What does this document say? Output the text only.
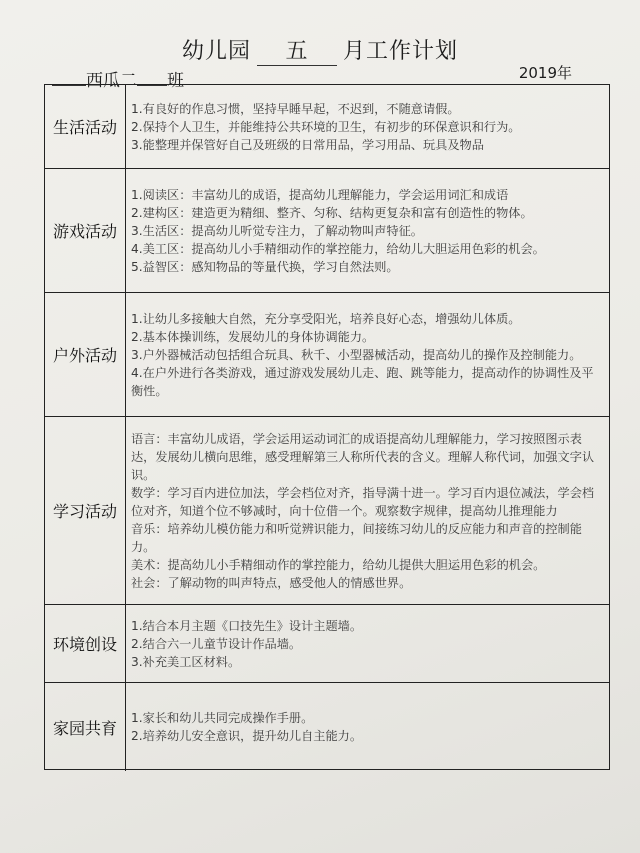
幼儿园 五 月工作计划
西瓜二 班	2019年
生活活动
1.有良好的作息习惯，坚持早睡早起，不迟到，不随意请假。
2.保持个人卫生，并能维持公共环境的卫生，有初步的环保意识和行为。
3.能整理并保管好自己及班级的日常用品，学习用品、玩具及物品
游戏活动
1.阅读区：丰富幼儿的成语，提高幼儿理解能力，学会运用词汇和成语
2.建构区：建造更为精细、整齐、匀称、结构更复杂和富有创造性的物体。
3.生活区：提高幼儿听觉专注力，了解动物叫声特征。
4.美工区：提高幼儿小手精细动作的掌控能力，给幼儿大胆运用色彩的机会。
5.益智区：感知物品的等量代换，学习自然法则。
户外活动
1.让幼儿多接触大自然，充分享受阳光，培养良好心态，增强幼儿体质。
2.基本体操训练，发展幼儿的身体协调能力。
3.户外器械活动包括组合玩具、秋千、小型器械活动，提高幼儿的操作及控制能力。
4.在户外进行各类游戏，通过游戏发展幼儿走、跑、跳等能力，提高动作的协调性及平衡性。
学习活动
语言：丰富幼儿成语，学会运用运动词汇的成语提高幼儿理解能力，学习按照图示表达，发展幼儿横向思维，感受理解第三人称所代表的含义。理解人称代词，加强文字认识。
数学：学习百内进位加法，学会档位对齐，指导满十进一。学习百内退位减法，学会档位对齐，知道个位不够减时，向十位借一个。观察数字规律，提高幼儿推理能力
音乐：培养幼儿模仿能力和听觉辨识能力，间接练习幼儿的反应能力和声音的控制能力。
美术：提高幼儿小手精细动作的掌控能力，给幼儿提供大胆运用色彩的机会。
社会：了解动物的叫声特点，感受他人的情感世界。
环境创设
1.结合本月主题《口技先生》设计主题墙。
2.结合六一儿童节设计作品墙。
3.补充美工区材料。
家园共育
1.家长和幼儿共同完成操作手册。
2.培养幼儿安全意识，提升幼儿自主能力。
